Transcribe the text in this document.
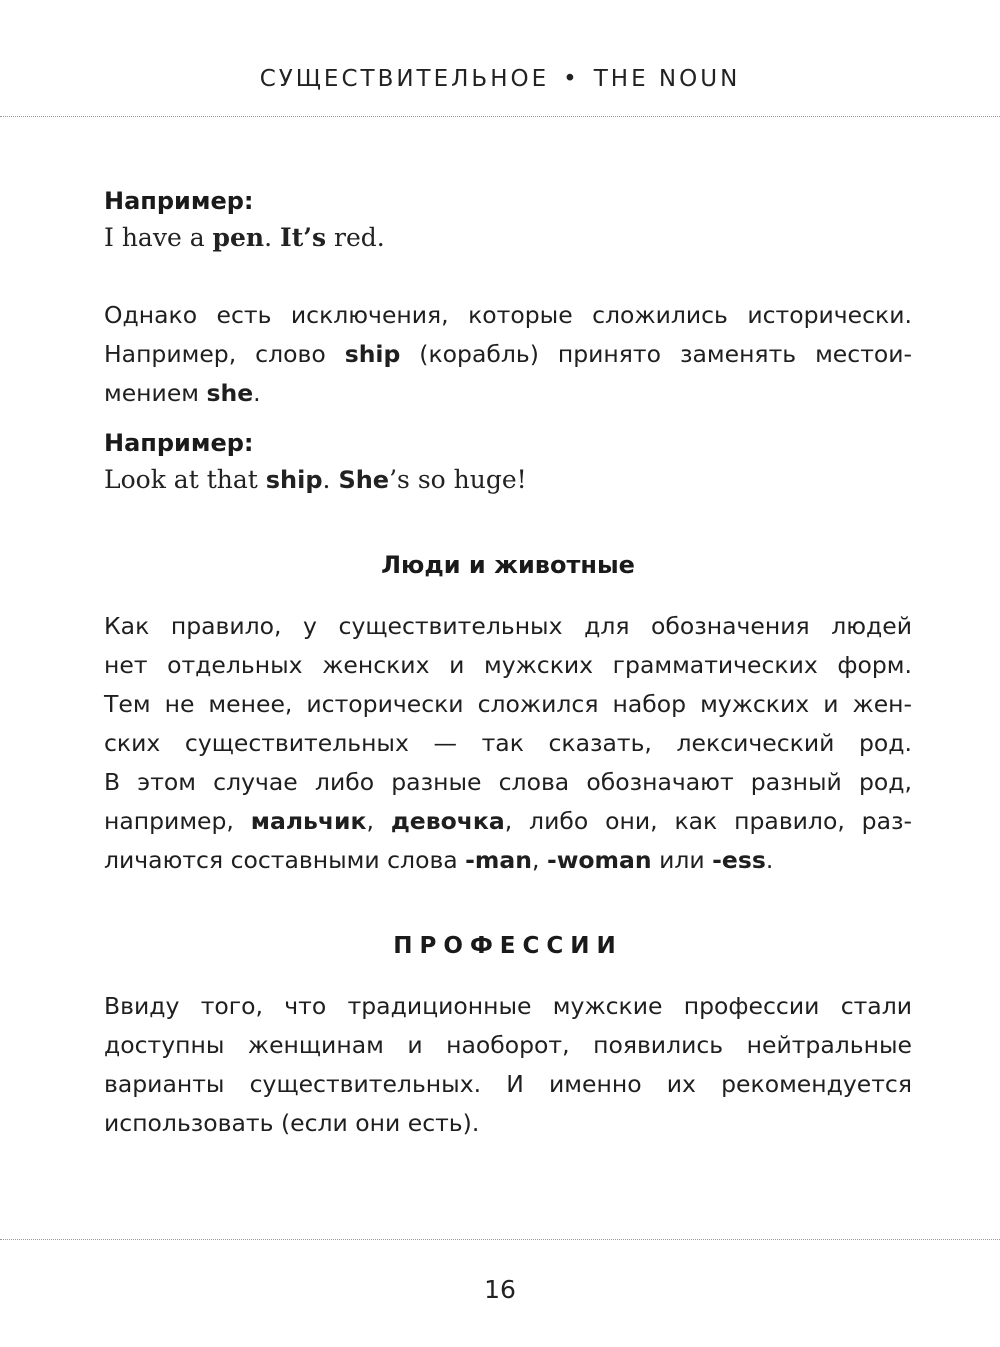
СУЩЕСТВИТЕЛЬНОЕ • THE NOUN

Например:

I have a pen. It’s red.

Однако есть исключения, которые сложились исторически.
Например, слово ship (корабль) принято заменять местои-
мением she.

Например:

Look at that ship. She’s so huge!

Люди и животные

Как правило, у существительных для обозначения людей
нет отдельных женских и мужских грамматических форм.
Тем не менее, исторически сложился набор мужских и жен-
ских существительных — так сказать, лексический род.
В этом случае либо разные слова обозначают разный род,
например, мальчик, девочка, либо они, как правило, раз-
личаются составными слова -man, -woman или -ess.

ПРОФЕССИИ

Ввиду того, что традиционные мужские профессии стали
доступны женщинам и наоборот, появились нейтральные
варианты существительных. И именно их рекомендуется
использовать (если они есть).

16
